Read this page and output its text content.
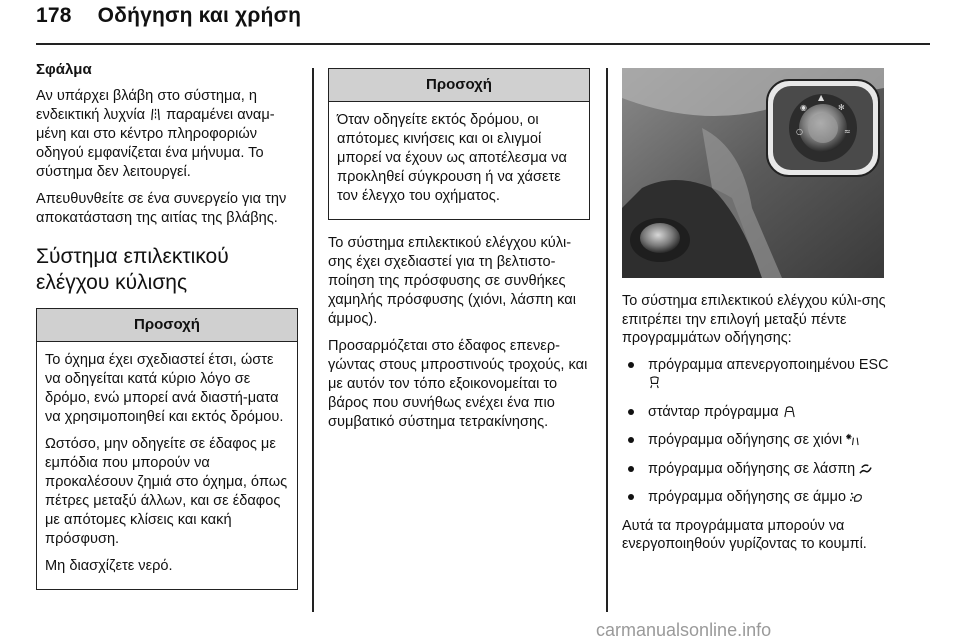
178 Οδήγηση και χρήση

Σφάλμα

Αν υπάρχει βλάβη στο σύστημα, η ενδεικτική λυχνία παραμένει αναμ-μένη και στο κέντρο πληροφοριών οδηγού εμφανίζεται ένα μήνυμα. Το σύστημα δεν λειτουργεί.

Απευθυνθείτε σε ένα συνεργείο για την αποκατάσταση της αιτίας της βλάβης.

Σύστημα επιλεκτικού ελέγχου κύλισης
Προσοχή

Το όχημα έχει σχεδιαστεί έτσι, ώστε να οδηγείται κατά κύριο λόγο σε δρόμο, ενώ μπορεί ανά διαστή-ματα να χρησιμοποιηθεί και εκτός δρόμου.

Ωστόσο, μην οδηγείτε σε έδαφος με εμπόδια που μπορούν να προκαλέσουν ζημιά στο όχημα, όπως πέτρες μεταξύ άλλων, και σε έδαφος με απότομες κλίσεις και κακή πρόσφυση.

Μη διασχίζετε νερό.

Προσοχή

Όταν οδηγείτε εκτός δρόμου, οι απότομες κινήσεις και οι ελιγμοί μπορεί να έχουν ως αποτέλεσμα να προκληθεί σύγκρουση ή να χάσετε τον έλεγχο του οχήματος.

Το σύστημα επιλεκτικού ελέγχου κύλι-σης έχει σχεδιαστεί για τη βελτιστο-ποίηση της πρόσφυσης σε συνθήκες χαμηλής πρόσφυσης (χιόνι, λάσπη και άμμος).

Προσαρμόζεται στο έδαφος επενερ-γώντας στους μπροστινούς τροχούς, και με αυτόν τον τόπο εξοικονομείται το βάρος που συνήθως ενέχει ένα πιο συμβατικό σύστημα τετρακίνησης.

◉
▲
✻
≈
○

Το σύστημα επιλεκτικού ελέγχου κύλι-σης επιτρέπει την επιλογή μεταξύ πέντε προγραμμάτων οδήγησης:

πρόγραμμα απενεργοποιημένου ESC
στάνταρ πρόγραμμα
πρόγραμμα οδήγησης σε χιόνι
πρόγραμμα οδήγησης σε λάσπη
πρόγραμμα οδήγησης σε άμμο

Αυτά τα προγράμματα μπορούν να ενεργοποιηθούν γυρίζοντας το κουμπί.

carmanualsonline.info
